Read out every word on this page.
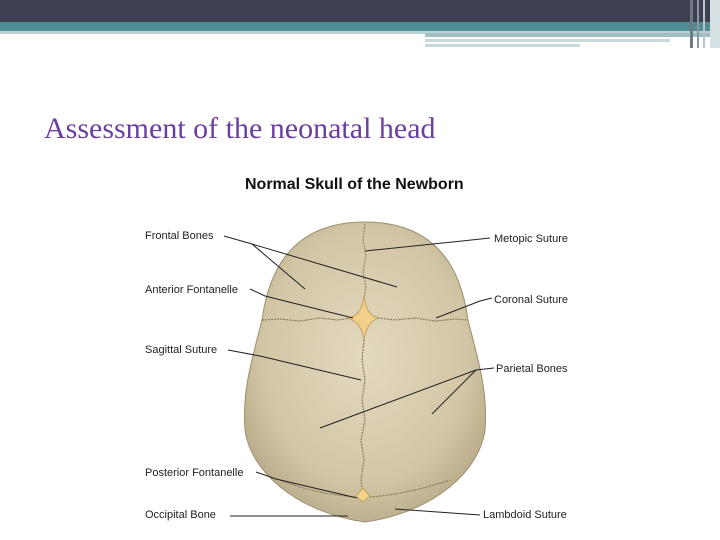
Assessment of the neonatal head
Normal Skull of the Newborn
Frontal Bones
Anterior Fontanelle
Sagittal Suture
Posterior Fontanelle
Occipital Bone
Metopic Suture
Coronal Suture
Parietal Bones
Lambdoid Suture
